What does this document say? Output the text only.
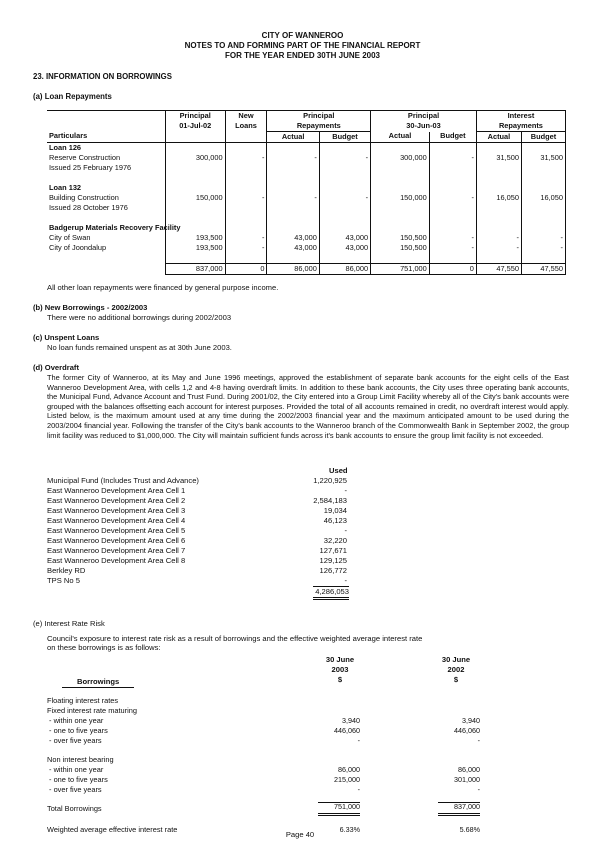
CITY OF WANNEROO
NOTES TO AND FORMING PART OF THE FINANCIAL REPORT
FOR THE YEAR ENDED 30TH JUNE 2003
23. INFORMATION ON BORROWINGS
(a) Loan Repayments
	Principal	New	Principal		Principal		Interest	
	01-Jul-02	Loans	Repayments		30-Jun-03		Repayments	
Particulars			Actual	Budget	Actual	Budget	Actual	Budget
Loan 126								
Reserve Construction	300,000	-	-	-	300,000	-	31,500	31,500
Issued 25 February 1976								

Loan 132								
Building Construction	150,000	-	-	-	150,000	-	16,050	16,050
Issued 28 October 1976								

Badgerup Materials Recovery Facility								
City of Swan	193,500	-	43,000	43,000	150,500	-	-	-
City of Joondalup	193,500	-	43,000	43,000	150,500	-	-	-

	837,000	0	86,000	86,000	751,000	0	47,550	47,550
All other loan repayments were financed by general purpose income.
(b) New Borrowings - 2002/2003
There were no additional borrowings during 2002/2003
(c) Unspent Loans
No loan funds remained unspent as at 30th June 2003.
(d) Overdraft
The former City of Wanneroo, at its May and June 1996 meetings, approved the establishment of separate bank accounts for the eight cells of the East Wanneroo Development Area, with cells 1,2 and 4-8 having overdraft limits. In addition to these bank accounts, the City uses three operating bank accounts, the Municipal Fund, Advance Account and Trust Fund. During 2001/02, the City entered into a Group Limit Facility whereby all of the City's bank accounts were grouped with the balances offsetting each account for interest purposes. Provided the total of all accounts remained in credit, no overdraft interest would apply. Listed below, is the maximum amount used at any time during the 2002/2003 financial year and the maximum anticipated amount to be used during the 2003/2004 financial year. Following the transfer of the City's bank accounts to the Wanneroo branch of the Commonwealth Bank in September 2002, the group limit facility was reduced to $1,000,000. The City will maintain sufficient funds across it's bank accounts to ensure the group limit facility is not exceeded.
Used
Municipal Fund (Includes Trust and Advance)	1,220,925
East Wanneroo Development Area Cell 1	-
East Wanneroo Development Area Cell 2	2,584,183
East Wanneroo Development Area Cell 3	19,034
East Wanneroo Development Area Cell 4	46,123
East Wanneroo Development Area Cell 5	-
East Wanneroo Development Area Cell 6	32,220
East Wanneroo Development Area Cell 7	127,671
East Wanneroo Development Area Cell 8	129,125
Berkley RD	126,772
TPS No 5	-
4,286,053
(e) Interest Rate Risk
Council's exposure to interest rate risk as a result of borrowings and the effective weighted average interest rate
on these borrowings is as follows:
30 June
2003
$
30 June
2002
$
Borrowings
Floating interest rates
Fixed interest rate maturing
- within one year	3,940	3,940
- one to five years	446,060	446,060
- over five years	-	-
Non interest bearing
- within one year	86,000	86,000
- one to five years	215,000	301,000
- over five years	-	-
Total Borrowings	751,000	837,000
Weighted average effective interest rate	6.33%	5.68%
Page 40
